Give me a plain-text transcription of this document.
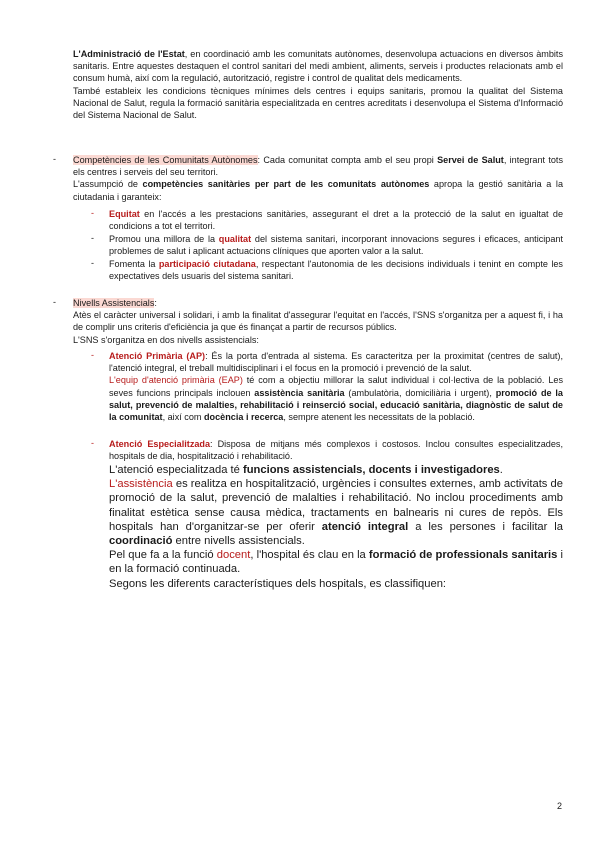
L'Administració de l'Estat, en coordinació amb les comunitats autònomes, desenvolupa actuacions en diversos àmbits sanitaris. Entre aquestes destaquen el control sanitari del medi ambient, aliments, serveis i productes relacionats amb el consum humà, així com la regulació, autorització, registre i control de qualitat dels medicaments.
També estableix les condicions tècniques mínimes dels centres i equips sanitaris, promou la qualitat del Sistema Nacional de Salut, regula la formació sanitària especialitzada en centres acreditats i desenvolupa el Sistema d'Informació del Sistema Nacional de Salut.

- Competències de les Comunitats Autònomes: Cada comunitat compta amb el seu propi Servei de Salut, integrant tots els centres i serveis del seu territori.
L'assumpció de competències sanitàries per part de les comunitats autònomes apropa la gestió sanitària a la ciutadania i garanteix:

- Equitat en l'accés a les prestacions sanitàries, assegurant el dret a la protecció de la salut en igualtat de condicions a tot el territori.

- Promou una millora de la qualitat del sistema sanitari, incorporant innovacions segures i eficaces, anticipant problemes de salut i aplicant actuacions clíniques que aporten valor a la salut.

- Fomenta la participació ciutadana, respectant l'autonomia de les decisions individuals i tenint en compte les expectatives dels usuaris del sistema sanitari.

- Nivells Assistencials:
Atès el caràcter universal i solidari, i amb la finalitat d'assegurar l'equitat en l'accés, l'SNS s'organitza per a aquest fi, i ha de complir uns criteris d'eficiència ja que és finançat a partir de recursos públics.
L'SNS s'organitza en dos nivells assistencials:

- Atenció Primària (AP): És la porta d'entrada al sistema. Es caracteritza per la proximitat (centres de salut), l'atenció integral, el treball multidisciplinari i el focus en la promoció i prevenció de la salut.
L'equip d'atenció primària (EAP) té com a objectiu millorar la salut individual i col·lectiva de la població. Les seves funcions principals inclouen assistència sanitària (ambulatòria, domiciliària i urgent), promoció de la salut, prevenció de malalties, rehabilitació i reinserció social, educació sanitària, diagnòstic de salut de la comunitat, així com docència i recerca, sempre atenent les necessitats de la població.

- Atenció Especialitzada: Disposa de mitjans més complexos i costosos. Inclou consultes especialitzades, hospitals de dia, hospitalització i rehabilitació.

L'atenció especialitzada té funcions assistencials, docents i investigadores.
L'assistència es realitza en hospitalització, urgències i consultes externes, amb activitats de promoció de la salut, prevenció de malalties i rehabilitació. No inclou procediments amb finalitat estètica sense causa mèdica, tractaments en balnearis ni cures de repòs. Els hospitals han d'organitzar-se per oferir atenció integral a les persones i facilitar la coordinació entre nivells assistencials.
Pel que fa a la funció docent, l'hospital és clau en la formació de professionals sanitaris i en la formació continuada.
Segons les diferents característiques dels hospitals, es classifiquen:

2
